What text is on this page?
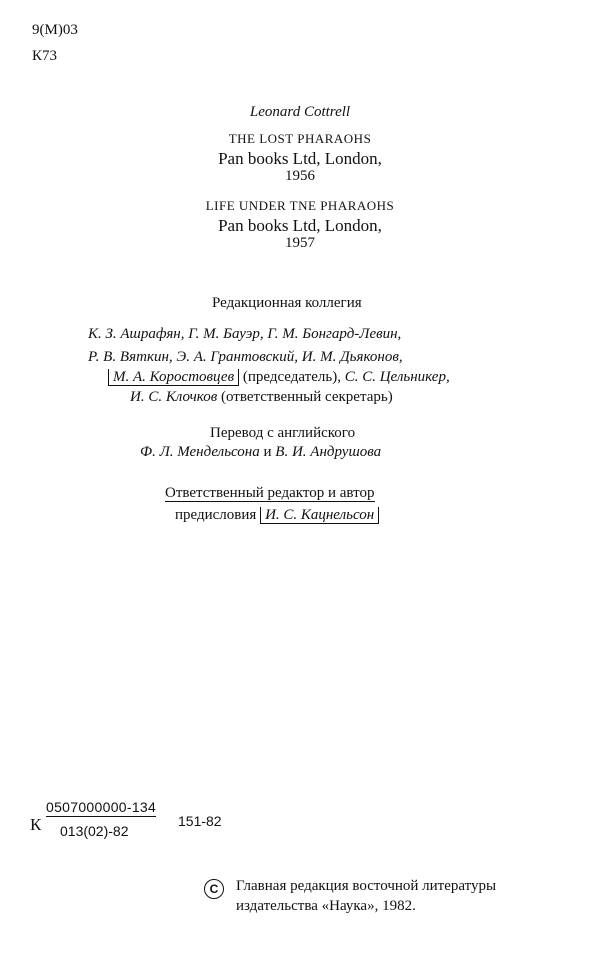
9(M)03
К73
Leonard Cottrell
THE LOST PHARAOHS
Pan books Ltd, London,
1956
LIFE UNDER TNE PHARAOHS
Pan books Ltd, London,
1957
Редакционная коллегия
К. З. Ашрафян, Г. М. Бауэр, Г. М. Бонгард-Левин,
Р. В. Вяткин, Э. А. Грантовский, И. М. Дьяконов,
М. А. Коростовцев (председатель), С. С. Цельникер,
И. С. Клочков (ответственный секретарь)
Перевод с английского
Ф. Л. Мендельсона и В. И. Андрушова
Ответственный редактор и автор
предисловия И. С. Кацнельсон
К
0507000000-134
013(02)-82
151-82
C	Главная редакция восточной литературы
издательства «Наука», 1982.
